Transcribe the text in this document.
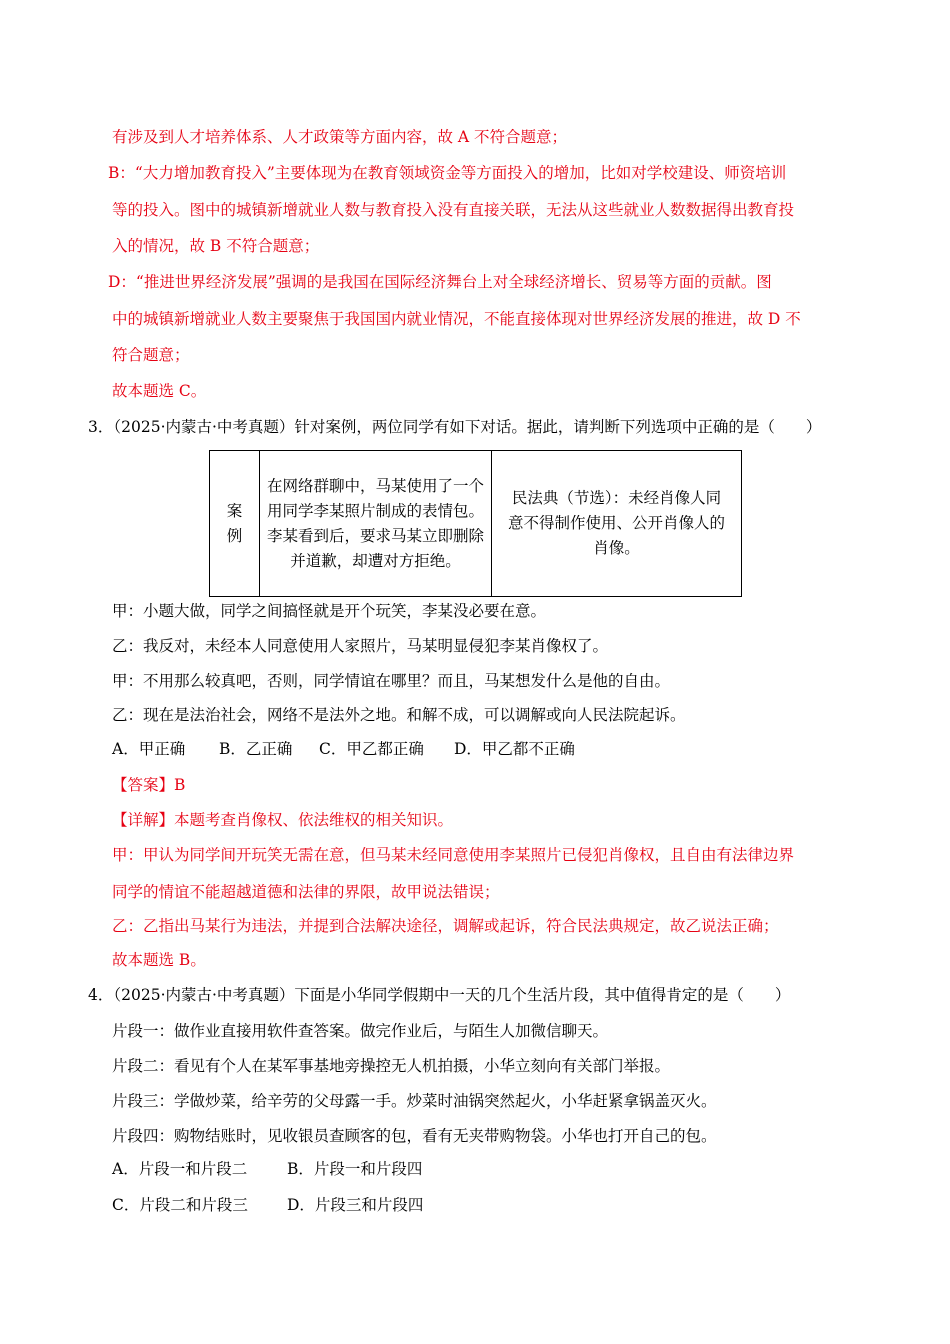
有涉及到人才培养体系、人才政策等方面内容，故 A 不符合题意；
B：“大力增加教育投入”主要体现为在教育领域资金等方面投入的增加，比如对学校建设、师资培训
等的投入。图中的城镇新增就业人数与教育投入没有直接关联，无法从这些就业人数数据得出教育投
入的情况，故 B 不符合题意；
D：“推进世界经济发展”强调的是我国在国际经济舞台上对全球经济增长、贸易等方面的贡献。图
中的城镇新增就业人数主要聚焦于我国国内就业情况，不能直接体现对世界经济发展的推进，故 D 不
符合题意；
故本题选 C。
3．（2025·内蒙古·中考真题）针对案例，两位同学有如下对话。据此，请判断下列选项中正确的是（　　）
案
例
	在网络群聊中，马某使用了一个用同学李某照片制成的表情包。李某看到后，要求马某立即删除并道歉，却遭对方拒绝。	民法典（节选）：未经肖像人同意不得制作使用、公开肖像人的肖像。
甲：小题大做，同学之间搞怪就是开个玩笑，李某没必要在意。
乙：我反对，未经本人同意使用人家照片，马某明显侵犯李某肖像权了。
甲：不用那么较真吧，否则，同学情谊在哪里？而且，马某想发什么是他的自由。
乙：现在是法治社会，网络不是法外之地。和解不成，可以调解或向人民法院起诉。
A．甲正确 B．乙正确 C．甲乙都正确 D．甲乙都不正确
【答案】B
【详解】本题考查肖像权、依法维权的相关知识。
甲：甲认为同学间开玩笑无需在意，但马某未经同意使用李某照片已侵犯肖像权，且自由有法律边界
同学的情谊不能超越道德和法律的界限，故甲说法错误；
乙：乙指出马某行为违法，并提到合法解决途径，调解或起诉，符合民法典规定，故乙说法正确；
故本题选 B。
4．（2025·内蒙古·中考真题）下面是小华同学假期中一天的几个生活片段，其中值得肯定的是（　　）
片段一：做作业直接用软件查答案。做完作业后，与陌生人加微信聊天。
片段二：看见有个人在某军事基地旁操控无人机拍摄，小华立刻向有关部门举报。
片段三：学做炒菜，给辛劳的父母露一手。炒菜时油锅突然起火，小华赶紧拿锅盖灭火。
片段四：购物结账时，见收银员查顾客的包，看有无夹带购物袋。小华也打开自己的包。
A．片段一和片段二	B．片段一和片段四
C．片段二和片段三	D．片段三和片段四
